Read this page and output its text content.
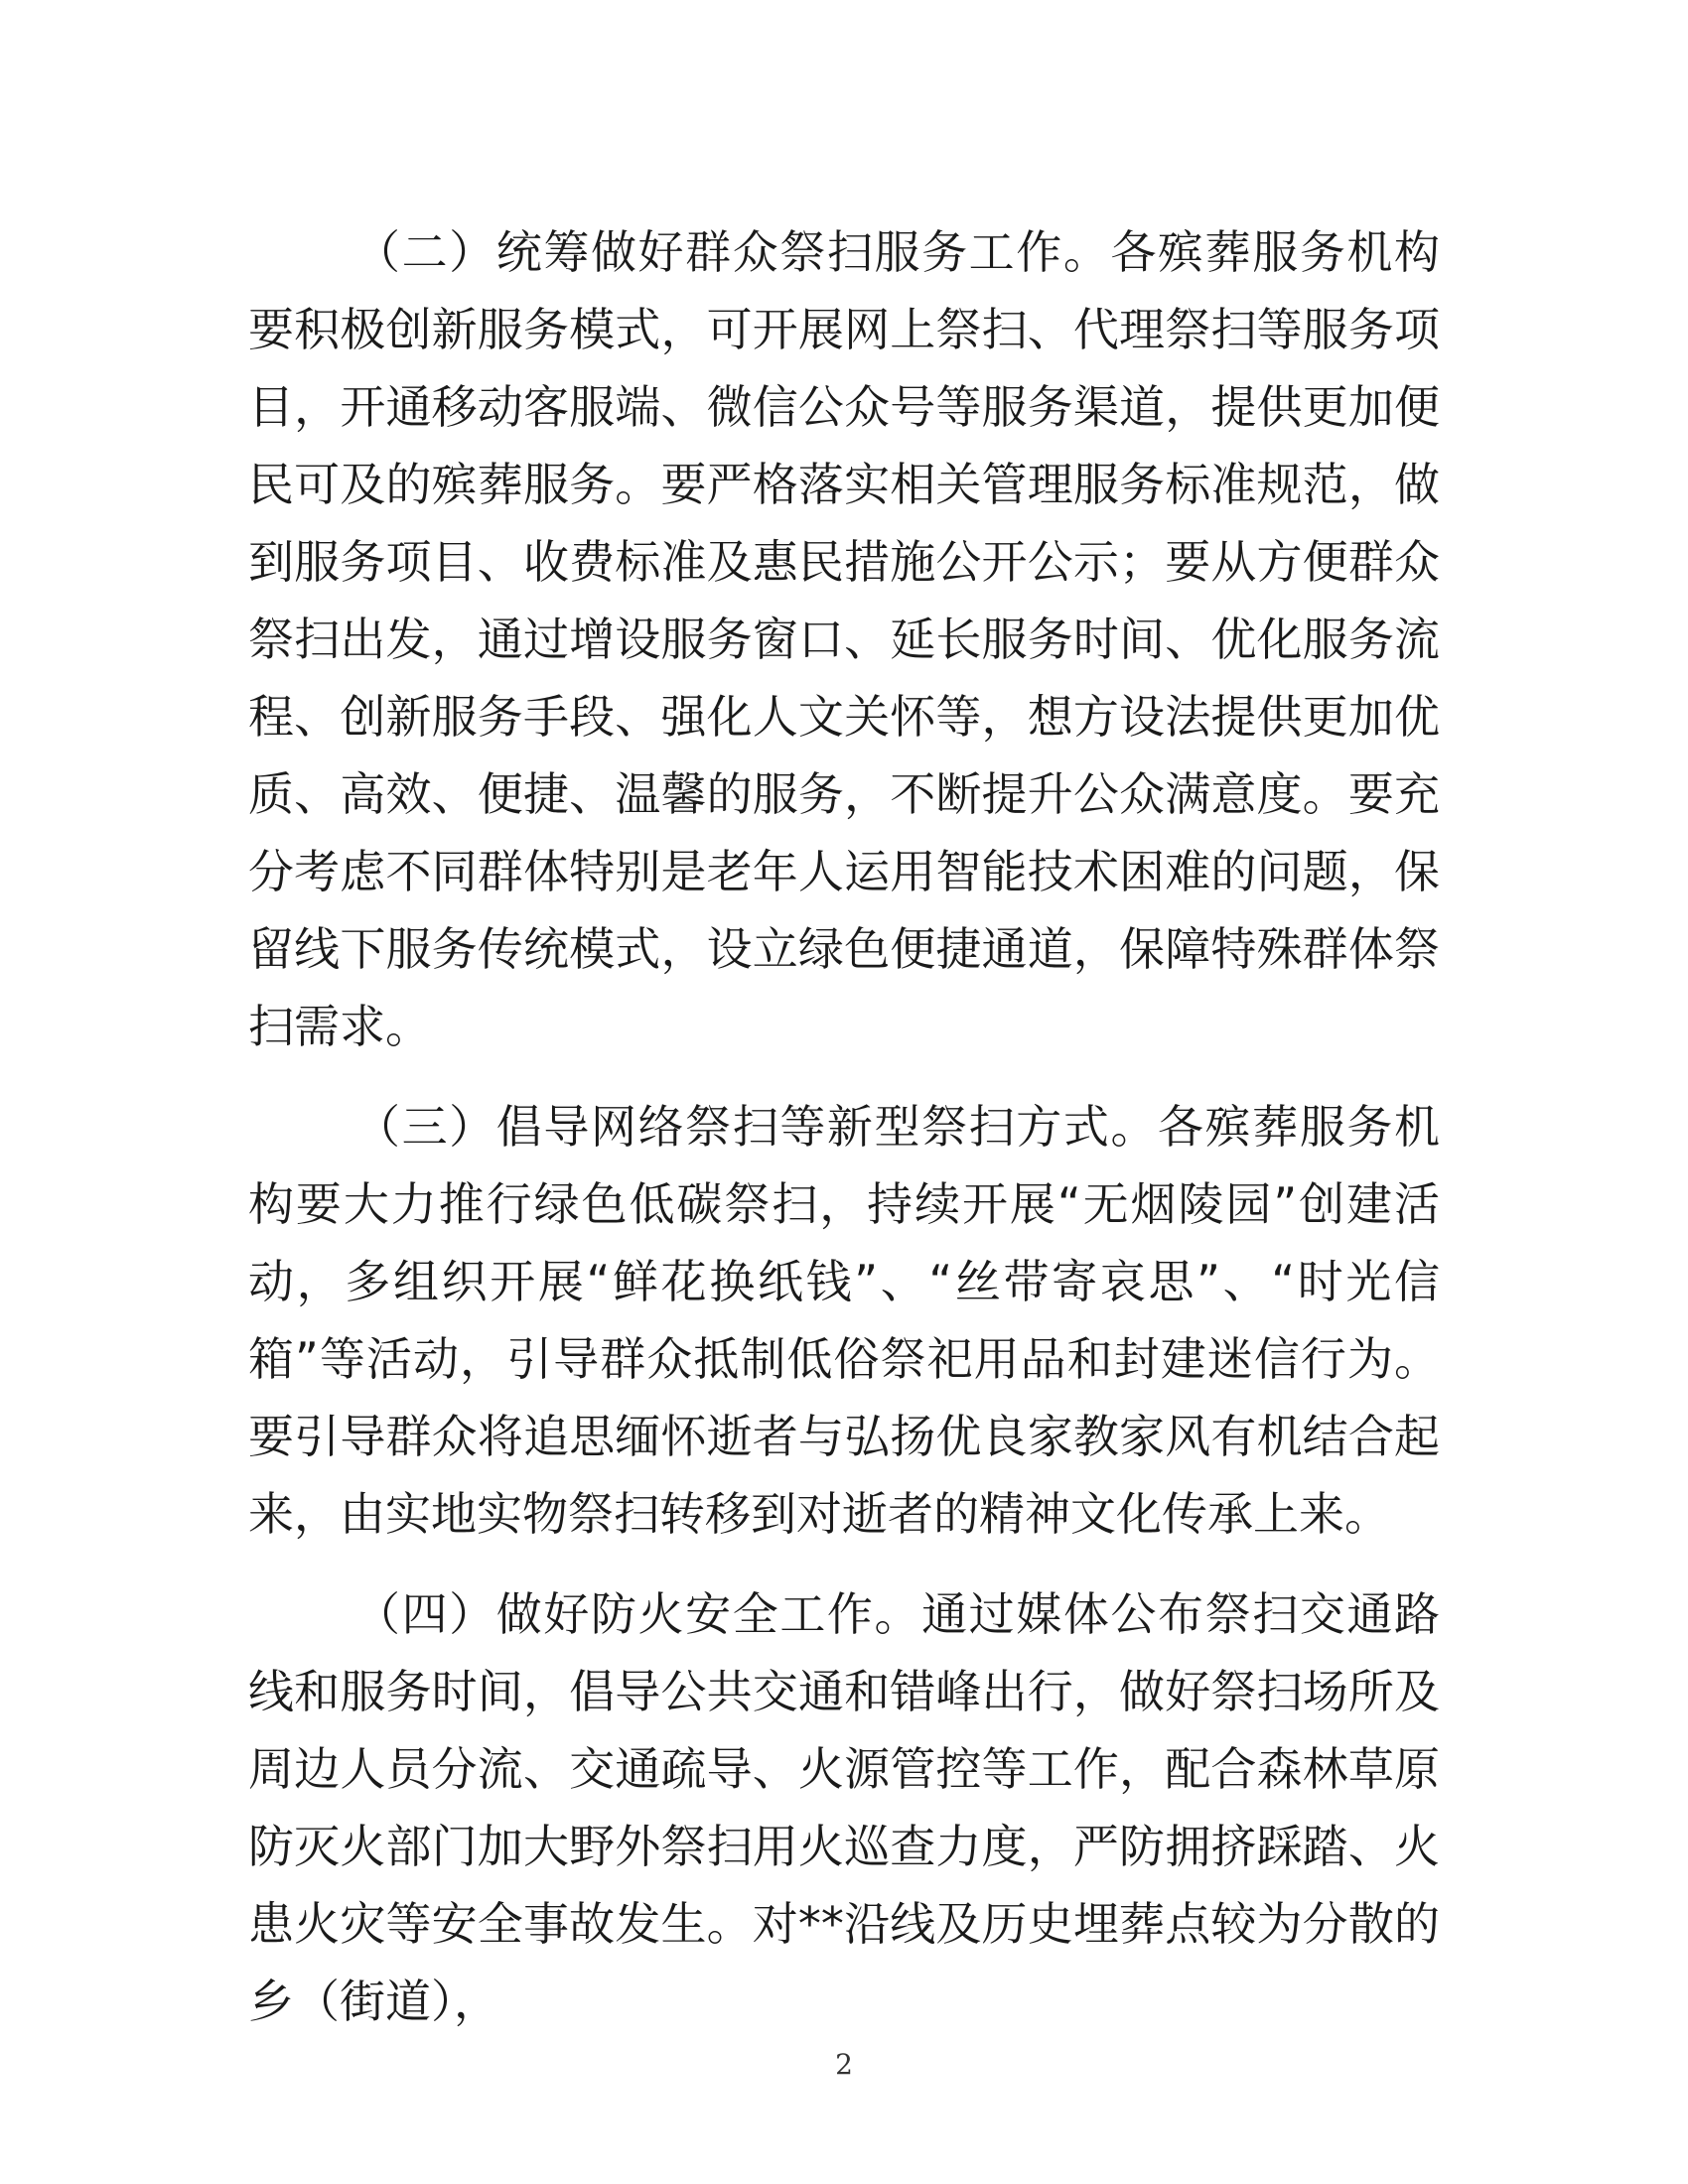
（二）统筹做好群众祭扫服务工作。各殡葬服务机构要积极创新服务模式，可开展网上祭扫、代理祭扫等服务项目，开通移动客服端、微信公众号等服务渠道，提供更加便民可及的殡葬服务。要严格落实相关管理服务标准规范，做到服务项目、收费标准及惠民措施公开公示；要从方便群众祭扫出发，通过增设服务窗口、延长服务时间、优化服务流程、创新服务手段、强化人文关怀等，想方设法提供更加优质、高效、便捷、温馨的服务，不断提升公众满意度。要充分考虑不同群体特别是老年人运用智能技术困难的问题，保留线下服务传统模式，设立绿色便捷通道，保障特殊群体祭扫需求。

（三）倡导网络祭扫等新型祭扫方式。各殡葬服务机构要大力推行绿色低碳祭扫，持续开展“无烟陵园”创建活动，多组织开展“鲜花换纸钱”、“丝带寄哀思”、“时光信箱”等活动，引导群众抵制低俗祭祀用品和封建迷信行为。要引导群众将追思缅怀逝者与弘扬优良家教家风有机结合起来，由实地实物祭扫转移到对逝者的精神文化传承上来。

（四）做好防火安全工作。通过媒体公布祭扫交通路线和服务时间，倡导公共交通和错峰出行，做好祭扫场所及周边人员分流、交通疏导、火源管控等工作，配合森林草原防灭火部门加大野外祭扫用火巡查力度，严防拥挤踩踏、火患火灾等安全事故发生。对**沿线及历史埋葬点较为分散的乡（街道），

2
